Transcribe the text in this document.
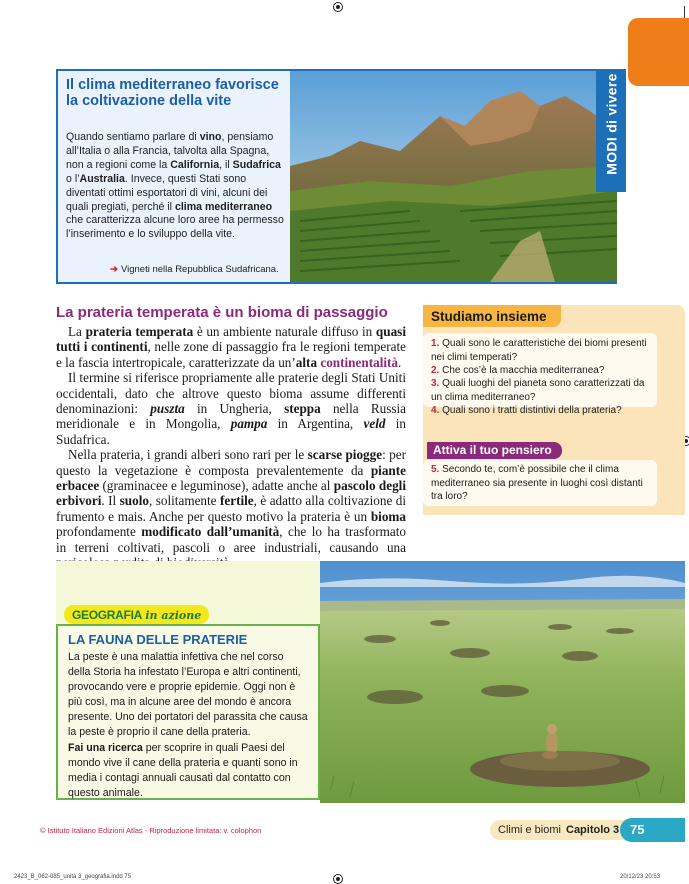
Il clima mediterraneo favorisce la coltivazione della vite
Quando sentiamo parlare di vino, pensiamo all’Italia o alla Francia, talvolta alla Spagna, non a regioni come la California, il Sudafrica o l’Australia. Invece, questi Stati sono diventati ottimi esportatori di vini, alcuni dei quali pregiati, perché il clima mediterraneo che caratterizza alcune loro aree ha permesso l’inserimento e lo sviluppo della vite.
➔ Vigneti nella Repubblica Sudafricana.
MODI di vivere
La prateria temperata è un bioma di passaggio

La prateria temperata è un ambiente naturale diffuso in quasi tutti i continenti, nelle zone di passaggio fra le regioni temperate e la fascia intertropicale, caratterizzate da un’alta continentalità.

Il termine si riferisce propriamente alle praterie degli Stati Uniti occidentali, dato che altrove questo bioma assume differenti denominazioni: puszta in Ungheria, steppa nella Russia meridionale e in Mongolia, pampa in Argentina, veld in Sudafrica.

Nella prateria, i grandi alberi sono rari per le scarse piogge: per questo la vegetazione è composta prevalentemente da piante erbacee (graminacee e leguminose), adatte anche al pascolo degli erbivori. Il suolo, solitamente fertile, è adatto alla coltivazione di frumento e mais. Anche per questo motivo la prateria è un bioma profondamente modificato dall’umanità, che lo ha trasformato in terreni coltivati, pascoli o aree industriali, causando una

Studiamo insieme
1. Quali sono le caratteristiche dei biomi presenti nei climi temperati?
2. Che cos’è la macchia mediterranea?
3. Quali luoghi del pianeta sono caratterizzati da un clima mediterraneo?
4. Quali sono i tratti distintivi della prateria?
Attiva il tuo pensiero
5. Secondo te, com’è possibile che il clima mediterraneo sia presente in luoghi così distanti tra loro?
GEOGRAFIA in azione
LA FAUNA DELLE PRATERIE
La peste è una malattia infettiva che nel corso della Storia ha infestato l’Europa e altri continenti, provocando vere e proprie epidemie. Oggi non è più così, ma in alcune aree del mondo è ancora presente. Uno dei portatori del parassita che causa la peste è proprio il cane della prateria.
Fai una ricerca per scoprire in quali Paesi del mondo vive il cane della prateria e quanti sono in media i contagi annuali causati dal contatto con questo animale.
© Istituto Italiano Edizioni Atlas - Riproduzione limitata: v. colophon	Climi e biomi Capitolo 3 75
2423_B_062-085_unità 3_geografia.indd 75	20/12/23 20:53
